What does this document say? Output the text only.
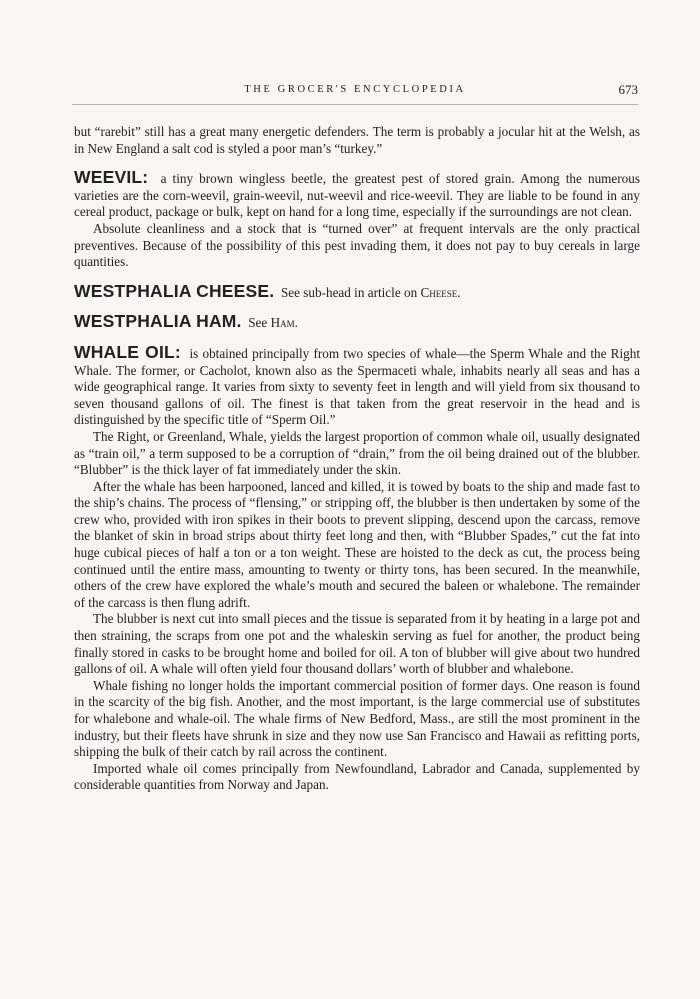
THE GROCER'S ENCYCLOPEDIA	673

but “rarebit” still has a great many energetic defenders. The term is probably a jocular hit at the Welsh, as in New England a salt cod is styled a poor man’s “turkey.”

WEEVIL: a tiny brown wingless beetle, the greatest pest of stored grain. Among the numerous varieties are the corn-weevil, grain-weevil, nut-weevil and rice-weevil. They are liable to be found in any cereal product, package or bulk, kept on hand for a long time, especially if the surroundings are not clean.

Absolute cleanliness and a stock that is “turned over” at frequent intervals are the only practical preventives. Because of the possibility of this pest invading them, it does not pay to buy cereals in large quantities.

WESTPHALIA CHEESE. See sub-head in article on Cheese.

WESTPHALIA HAM. See Ham.

WHALE OIL: is obtained principally from two species of whale—the Sperm Whale and the Right Whale. The former, or Cacholot, known also as the Spermaceti whale, inhabits nearly all seas and has a wide geographical range. It varies from sixty to seventy feet in length and will yield from six thousand to seven thousand gallons of oil. The finest is that taken from the great reservoir in the head and is distinguished by the specific title of “Sperm Oil.”

The Right, or Greenland, Whale, yields the largest proportion of common whale oil, usually designated as “train oil,” a term supposed to be a corruption of “drain,” from the oil being drained out of the blubber. “Blubber” is the thick layer of fat immediately under the skin.

After the whale has been harpooned, lanced and killed, it is towed by boats to the ship and made fast to the ship’s chains. The process of “flensing,” or stripping off, the blubber is then undertaken by some of the crew who, provided with iron spikes in their boots to prevent slipping, descend upon the carcass, remove the blanket of skin in broad strips about thirty feet long and then, with “Blubber Spades,” cut the fat into huge cubical pieces of half a ton or a ton weight. These are hoisted to the deck as cut, the process being continued until the entire mass, amounting to twenty or thirty tons, has been secured. In the meanwhile, others of the crew have explored the whale’s mouth and secured the baleen or whalebone. The remainder of the carcass is then flung adrift.

The blubber is next cut into small pieces and the tissue is separated from it by heating in a large pot and then straining, the scraps from one pot and the whaleskin serving as fuel for another, the product being finally stored in casks to be brought home and boiled for oil. A ton of blubber will give about two hundred gallons of oil. A whale will often yield four thousand dollars’ worth of blubber and whalebone.

Whale fishing no longer holds the important commercial position of former days. One reason is found in the scarcity of the big fish. Another, and the most important, is the large commercial use of substitutes for whalebone and whale-oil. The whale firms of New Bedford, Mass., are still the most prominent in the industry, but their fleets have shrunk in size and they now use San Francisco and Hawaii as refitting ports, shipping the bulk of their catch by rail across the continent.

Imported whale oil comes principally from Newfoundland, Labrador and Canada, supplemented by considerable quantities from Norway and Japan.
